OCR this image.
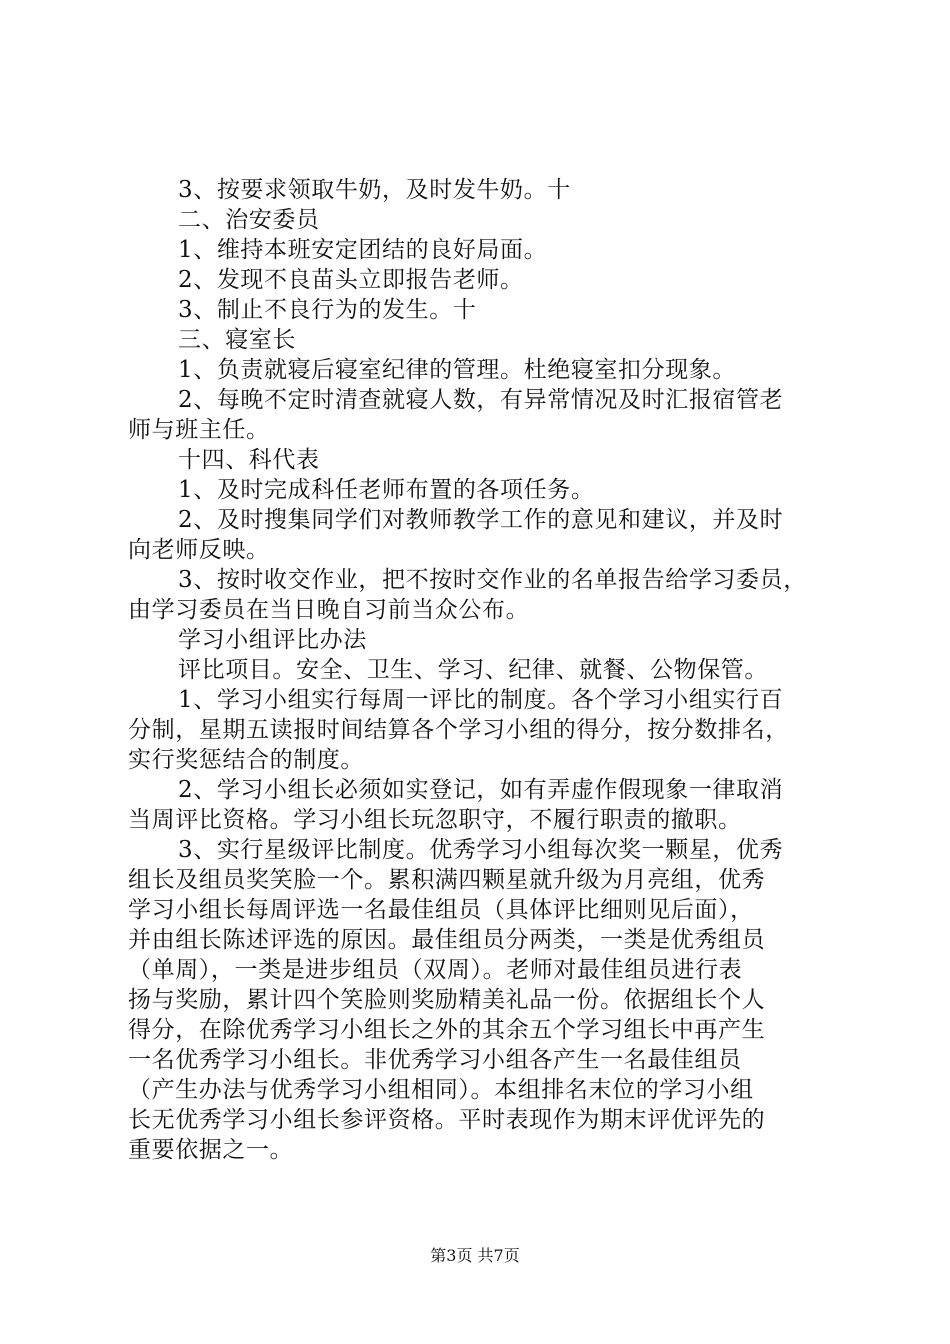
3、按要求领取牛奶，及时发牛奶。十
二、治安委员
1、维持本班安定团结的良好局面。
2、发现不良苗头立即报告老师。
3、制止不良行为的发生。十
三、寝室长
1、负责就寝后寝室纪律的管理。杜绝寝室扣分现象。
2、每晚不定时清查就寝人数，有异常情况及时汇报宿管老
师与班主任。
十四、科代表
1、及时完成科任老师布置的各项任务。
2、及时搜集同学们对教师教学工作的意见和建议，并及时
向老师反映。
3、按时收交作业，把不按时交作业的名单报告给学习委员，
由学习委员在当日晚自习前当众公布。
学习小组评比办法
评比项目。安全、卫生、学习、纪律、就餐、公物保管。
1、学习小组实行每周一评比的制度。各个学习小组实行百
分制，星期五读报时间结算各个学习小组的得分，按分数排名，
实行奖惩结合的制度。
2、学习小组长必须如实登记，如有弄虚作假现象一律取消
当周评比资格。学习小组长玩忽职守，不履行职责的撤职。
3、实行星级评比制度。优秀学习小组每次奖一颗星，优秀
组长及组员奖笑脸一个。累积满四颗星就升级为月亮组，优秀
学习小组长每周评选一名最佳组员（具体评比细则见后面），
并由组长陈述评选的原因。最佳组员分两类，一类是优秀组员
（单周），一类是进步组员（双周）。老师对最佳组员进行表
扬与奖励，累计四个笑脸则奖励精美礼品一份。依据组长个人
得分，在除优秀学习小组长之外的其余五个学习组长中再产生
一名优秀学习小组长。非优秀学习小组各产生一名最佳组员
（产生办法与优秀学习小组相同）。本组排名末位的学习小组
长无优秀学习小组长参评资格。平时表现作为期末评优评先的
重要依据之一。
第3页 共7页
